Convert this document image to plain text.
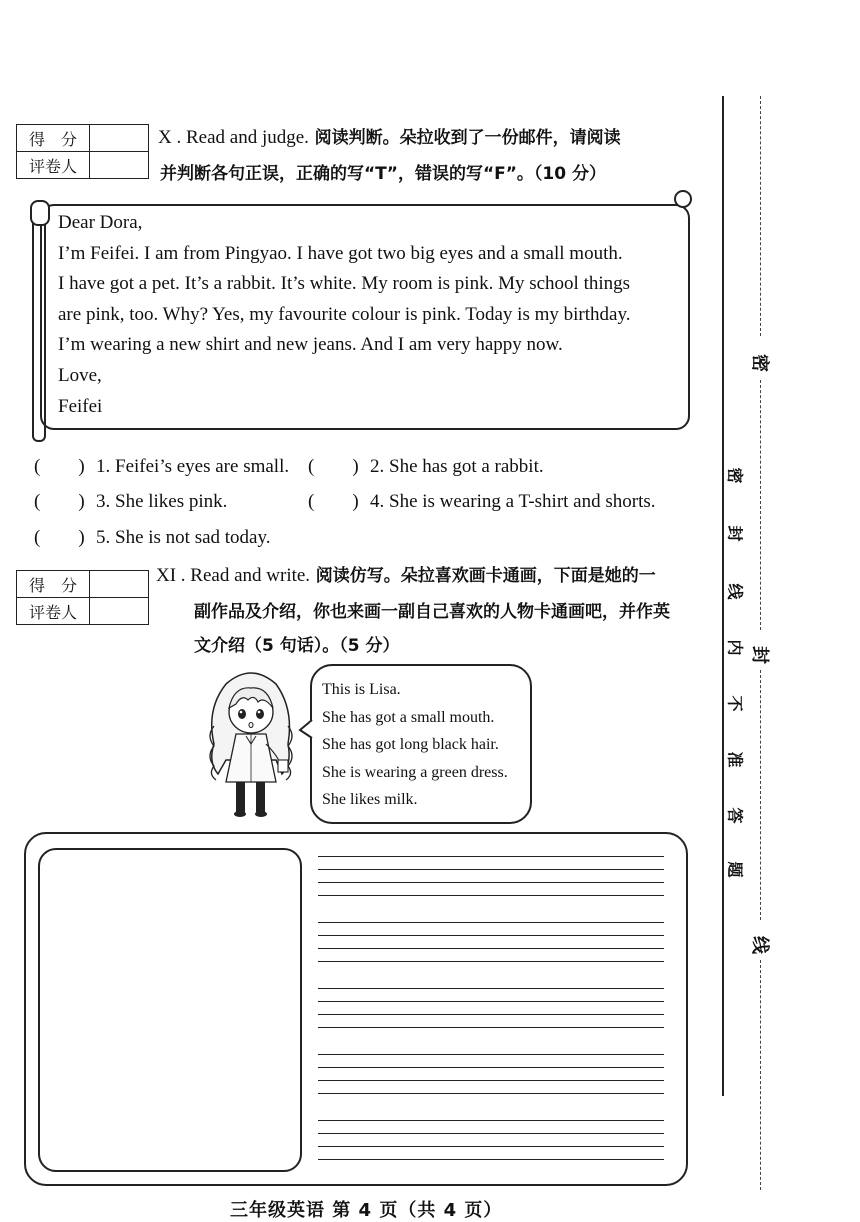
得　分	
评卷人	
X . Read and judge. 阅读判断。朵拉收到了一份邮件，请阅读
并判断各句正误，正确的写“T”，错误的写“F”。（10 分）
Dear Dora,
I’m Feifei. I am from Pingyao. I have got two big eyes and a small mouth.
I have got a pet. It’s a rabbit. It’s white. My room is pink. My school things
are pink, too. Why? Yes, my favourite colour is pink. Today is my birthday.
I’m wearing a new shirt and new jeans. And I am very happy now.
Love,
Feifei
(　　) 1. Feifei’s eyes are small. (　　) 2. She has got a rabbit.
(　　) 3. She likes pink.	(　　) 4. She is wearing a T-shirt and shorts.
(　　) 5. She is not sad today.
得　分	
评卷人	
XI . Read and write. 阅读仿写。朵拉喜欢画卡通画，下面是她的一
副作品及介绍，你也来画一副自己喜欢的人物卡通画吧，并作英
文介绍（5 句话）。（5 分）
This is Lisa.
She has got a small mouth.
She has got long black hair.
She is wearing a green dress.
She likes milk.
密
封
线
密
封
线
内
不
准
答
题
三年级英语 第 4 页（共 4 页）
